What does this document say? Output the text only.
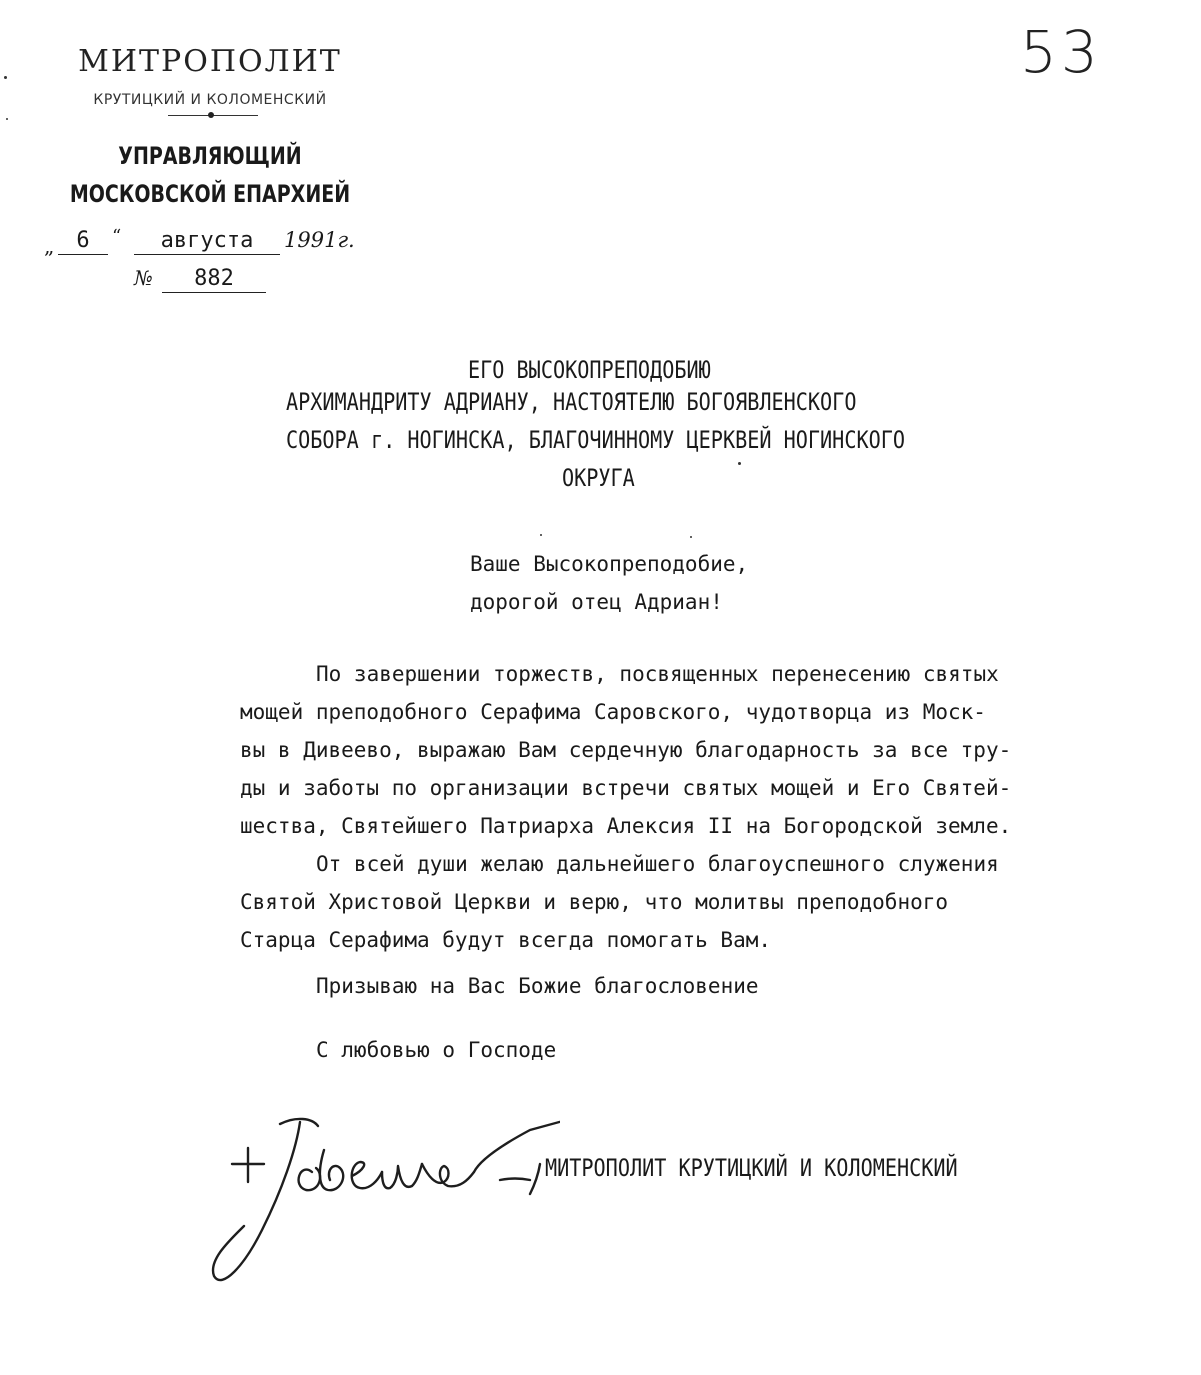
53
МИТРОПОЛИТ
КРУТИЦКИЙ И КОЛОМЕНСКИЙ
УПРАВЛЯЮЩИЙ
МОСКОВСКОЙ ЕПАРХИЕЙ
„	6	“	августа	1991г.
№	882
ЕГО ВЫСОКОПРЕПОДОБИЮ
АРХИМАНДРИТУ АДРИАНУ, НАСТОЯТЕЛЮ БОГОЯВЛЕНСКОГО
СОБОРА г. НОГИНСКА, БЛАГОЧИННОМУ ЦЕРКВЕЙ НОГИНСКОГО
ОКРУГА
Ваше Высокопреподобие,
дорогой отец Адриан!
По завершении торжеств, посвященных перенесению святых
мощей преподобного Серафима Саровского, чудотворца из Моск-
вы в Дивеево, выражаю Вам сердечную благодарность за все тру-
ды и заботы по организации встречи святых мощей и Его Святей-
шества, Святейшего Патриарха Алексия II на Богородской земле.
От всей души желаю дальнейшего благоуспешного служения
Святой Христовой Церкви и верю, что молитвы преподобного
Старца Серафима будут всегда помогать Вам.
Призываю на Вас Божие благословение
С любовью о Господе
МИТРОПОЛИТ КРУТИЦКИЙ И КОЛОМЕНСКИЙ
